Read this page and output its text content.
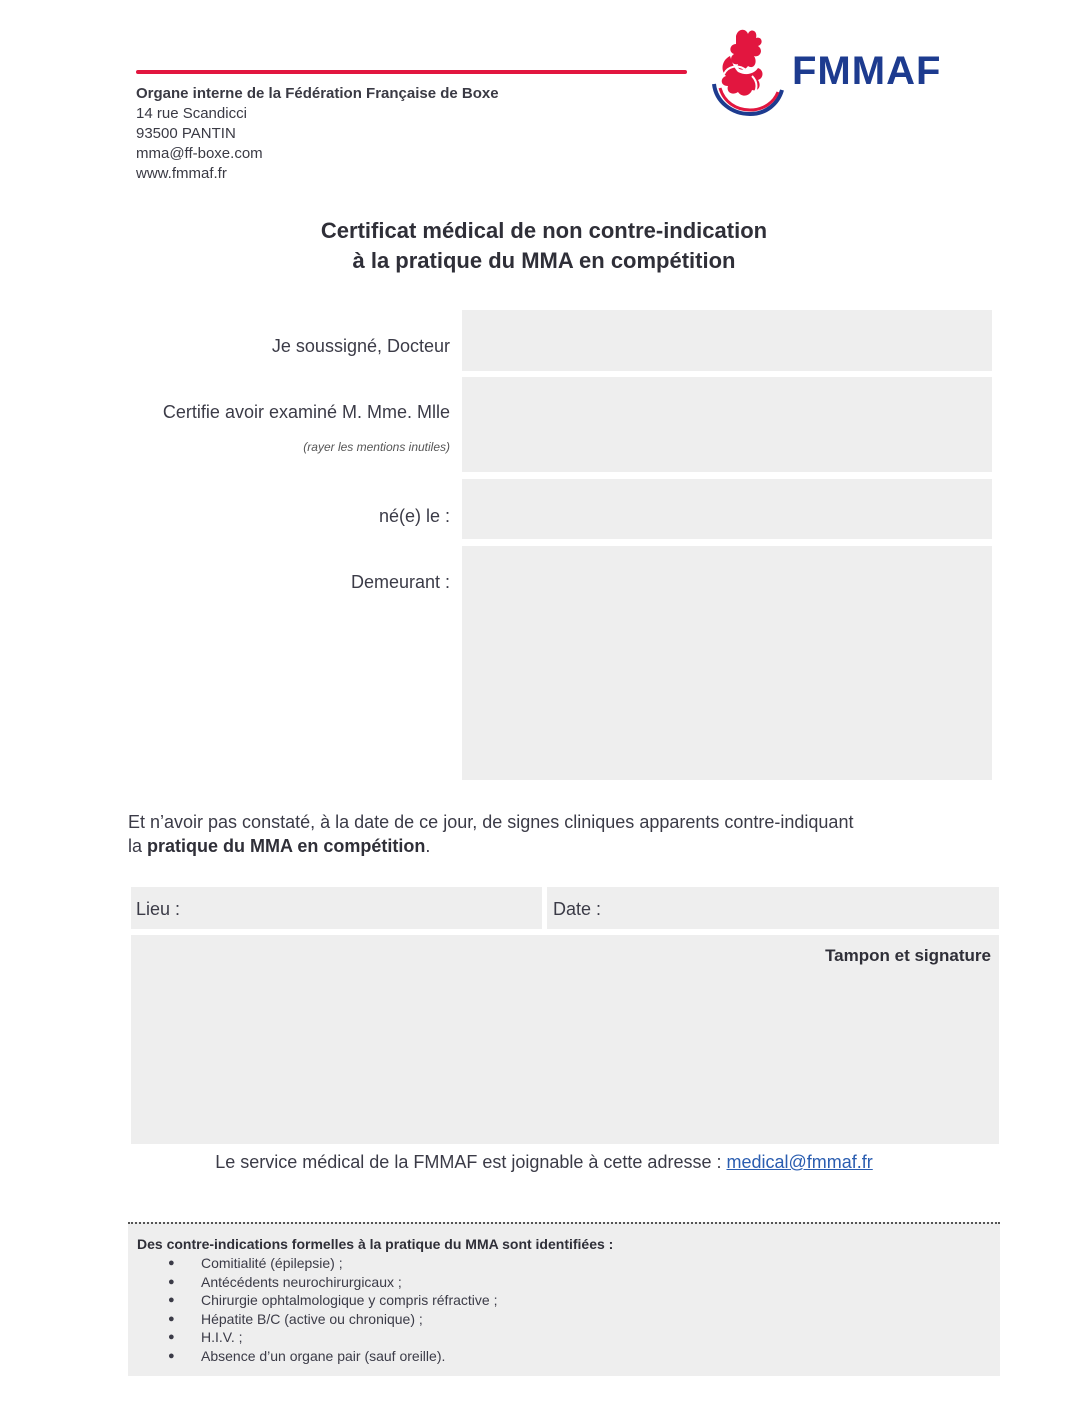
Organe interne de la Fédération Française de Boxe
14 rue Scandicci
93500 PANTIN
mma@ff-boxe.com
www.fmmaf.fr
FMMAF
Certificat médical de non contre-indication
à la pratique du MMA en compétition
Je soussigné, Docteur
Certifie avoir examiné M. Mme. Mlle
(rayer les mentions inutiles)
né(e) le :
Demeurant :
Et n’avoir pas constaté, à la date de ce jour, de signes cliniques apparents contre-indiquant
la pratique du MMA en compétition.
Lieu :	Date :
Tampon et signature
Le service médical de la FMMAF est joignable à cette adresse : medical@fmmaf.fr
Des contre-indications formelles à la pratique du MMA sont identifiées :
● Comitialité (épilepsie) ;
● Antécédents neurochirurgicaux ;
● Chirurgie ophtalmologique y compris réfractive ;
● Hépatite B/C (active ou chronique) ;
● H.I.V. ;
● Absence d’un organe pair (sauf oreille).
